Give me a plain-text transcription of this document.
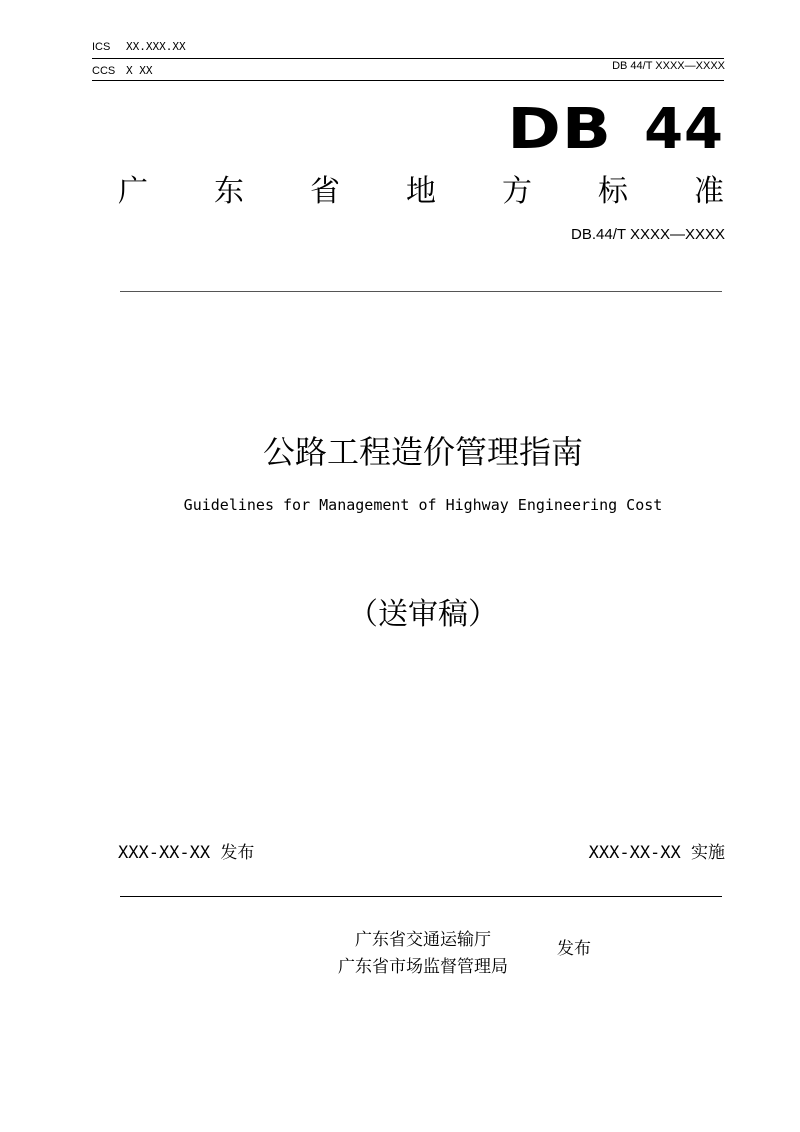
ICS XX.XXX.XX
CCS X XX	DB 44/T XXXX—XXXX
DB 44
广 东 省 地 方 标 准
DB.44/T XXXX—XXXX
公路工程造价管理指南
Guidelines for Management of Highway Engineering Cost
（送审稿）
XXX-XX-XX 发布	XXX-XX-XX 实施
广东省交通运输厅
广东省市场监督管理局
发布
